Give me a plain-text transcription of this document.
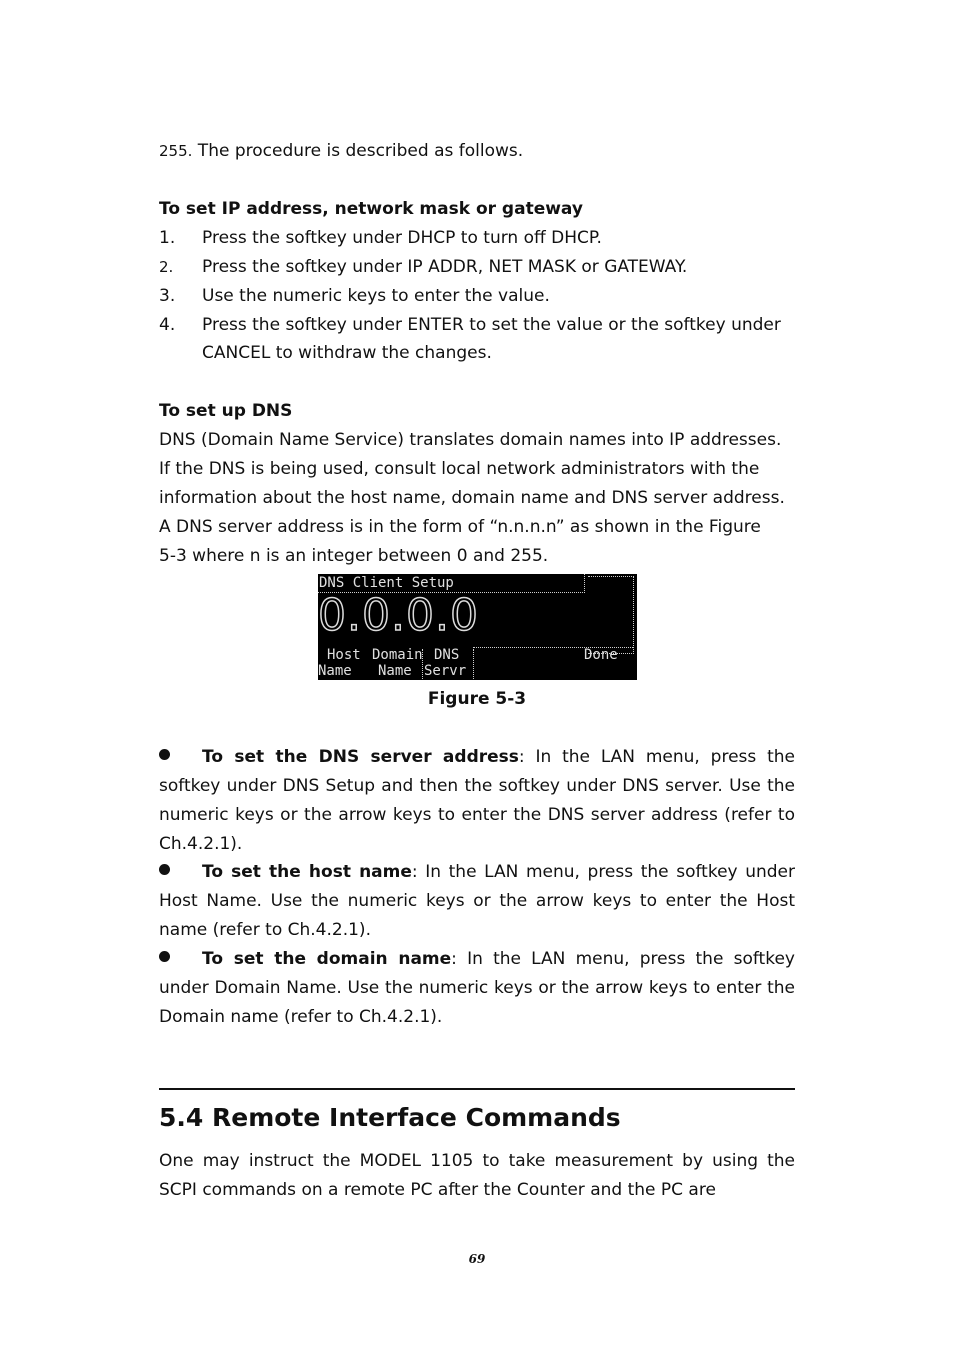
255. The procedure is described as follows.
To set IP address, network mask or gateway
1. Press the softkey under DHCP to turn off DHCP.
2. Press the softkey under IP ADDR, NET MASK or GATEWAY.
3. Use the numeric keys to enter the value.
4. Press the softkey under ENTER to set the value or the softkey under
CANCEL to withdraw the changes.
To set up DNS
DNS (Domain Name Service) translates domain names into IP addresses.
If the DNS is being used, consult local network administrators with the
information about the host name, domain name and DNS server address.
A DNS server address is in the form of “n.n.n.n” as shown in the Figure
5-3 where n is an integer between 0 and 255.
DNS Client Setup
0.0.0.0
Host
Name
Domain
Name
DNS
Servr
Done
Figure 5-3
To set the DNS server address: In the LAN menu, press the softkey under DNS Setup and then the softkey under DNS server. Use the numeric keys or the arrow keys to enter the DNS server address (refer to Ch.4.2.1).
To set the host name: In the LAN menu, press the softkey under Host Name. Use the numeric keys or the arrow keys to enter the Host name (refer to Ch.4.2.1).
To set the domain name: In the LAN menu, press the softkey under Domain Name. Use the numeric keys or the arrow keys to enter the Domain name (refer to Ch.4.2.1).
5.4 Remote Interface Commands
One may instruct the MODEL 1105 to take measurement by using the SCPI commands on a remote PC after the Counter and the PC are
69
